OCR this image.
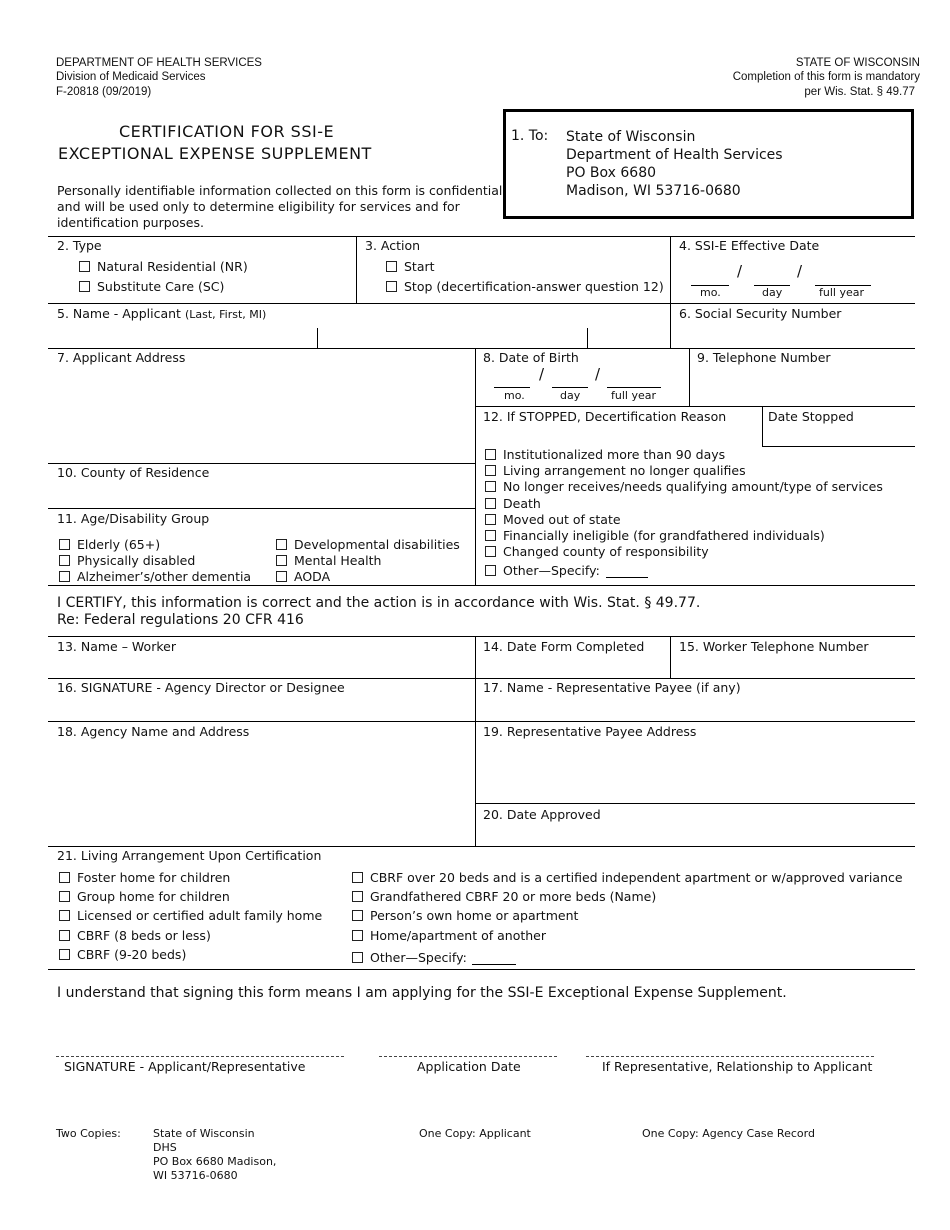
DEPARTMENT OF HEALTH SERVICES
Division of Medicaid Services
F-20818 (09/2019)
STATE OF WISCONSIN
Completion of this form is mandatory
per Wis. Stat. § 49.77
CERTIFICATION FOR SSI-E
EXCEPTIONAL EXPENSE SUPPLEMENT
Personally identifiable information collected on this form is confidential
and will be used only to determine eligibility for services and for
identification purposes.
1. To: State of Wisconsin
Department of Health Services
PO Box 6680
Madison, WI 53716-0680
2. Type
Natural Residential (NR)
Substitute Care (SC)
3. Action
Start
Stop (decertification-answer question 12)
4. SSI-E Effective Date
/	/
mo.	day	full year
5. Name - Applicant (Last, First, MI)	6. Social Security Number
7. Applicant Address	8. Date of Birth
/	/
mo.	day	full year
9. Telephone Number
10. County of Residence
11. Age/Disability Group
Elderly (65+)
Physically disabled
Alzheimer’s/other dementia
Developmental disabilities
Mental Health
AODA
12. If STOPPED, Decertification Reason	Date Stopped
Institutionalized more than 90 days
Living arrangement no longer qualifies
No longer receives/needs qualifying amount/type of services
Death
Moved out of state
Financially ineligible (for grandfathered individuals)
Changed county of responsibility
Other—Specify:
I CERTIFY, this information is correct and the action is in accordance with Wis. Stat. § 49.77.
Re: Federal regulations 20 CFR 416
13. Name – Worker	14. Date Form Completed	15. Worker Telephone Number
16. SIGNATURE - Agency Director or Designee	17. Name - Representative Payee (if any)
18. Agency Name and Address	19. Representative Payee Address
20. Date Approved
21. Living Arrangement Upon Certification
Foster home for children
Group home for children
Licensed or certified adult family home
CBRF (8 beds or less)
CBRF (9-20 beds)
CBRF over 20 beds and is a certified independent apartment or w/approved variance
Grandfathered CBRF 20 or more beds (Name)
Person’s own home or apartment
Home/apartment of another
Other—Specify:
I understand that signing this form means I am applying for the SSI-E Exceptional Expense Supplement.
SIGNATURE - Applicant/Representative	Application Date	If Representative, Relationship to Applicant
Two Copies:	State of Wisconsin
DHS
PO Box 6680 Madison,
WI 53716-0680
One Copy: Applicant	One Copy: Agency Case Record
